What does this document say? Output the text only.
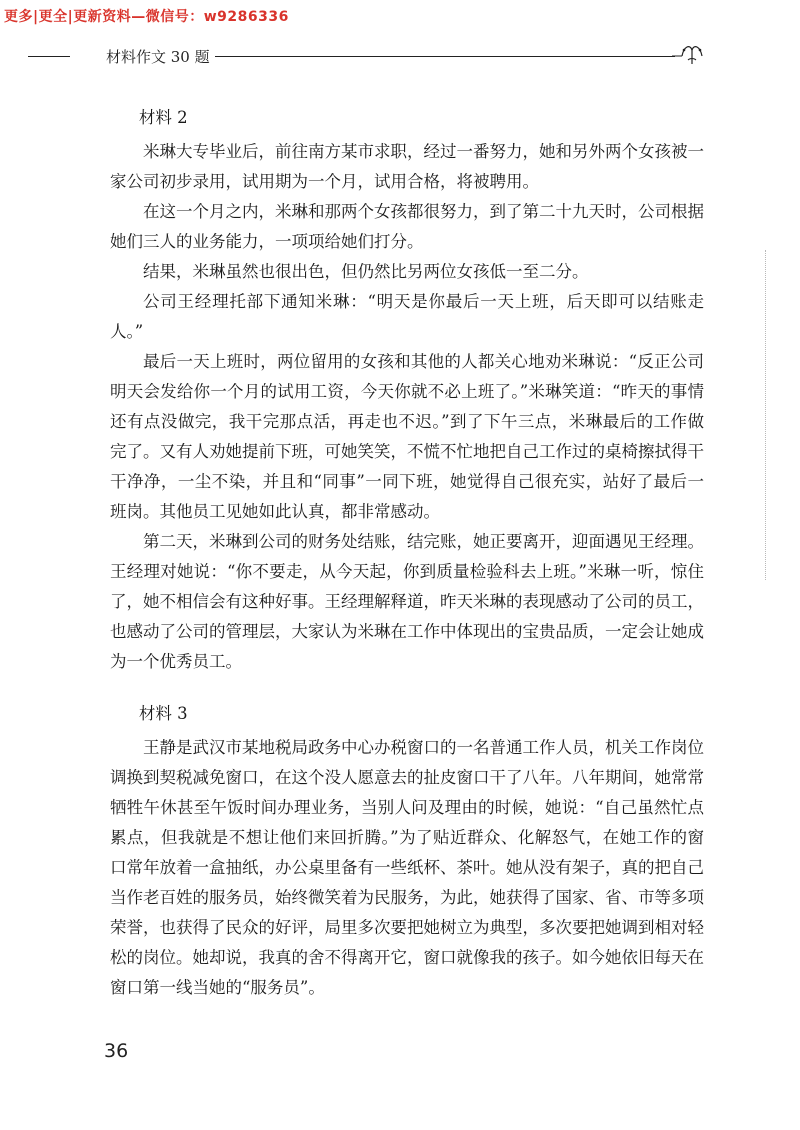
更多|更全|更新资料—微信号：w9286336
材料作文 30 题

材料 2

米琳大专毕业后，前往南方某市求职，经过一番努力，她和另外两个女孩被一家公司初步录用，试用期为一个月，试用合格，将被聘用。

在这一个月之内，米琳和那两个女孩都很努力，到了第二十九天时，公司根据她们三人的业务能力，一项项给她们打分。

结果，米琳虽然也很出色，但仍然比另两位女孩低一至二分。

公司王经理托部下通知米琳：“明天是你最后一天上班，后天即可以结账走人。”

最后一天上班时，两位留用的女孩和其他的人都关心地劝米琳说：“反正公司明天会发给你一个月的试用工资，今天你就不必上班了。”米琳笑道：“昨天的事情还有点没做完，我干完那点活，再走也不迟。”到了下午三点，米琳最后的工作做完了。又有人劝她提前下班，可她笑笑，不慌不忙地把自己工作过的桌椅擦拭得干干净净，一尘不染，并且和“同事”一同下班，她觉得自己很充实，站好了最后一班岗。其他员工见她如此认真，都非常感动。

第二天，米琳到公司的财务处结账，结完账，她正要离开，迎面遇见王经理。王经理对她说：“你不要走，从今天起，你到质量检验科去上班。”米琳一听，惊住了，她不相信会有这种好事。王经理解释道，昨天米琳的表现感动了公司的员工，也感动了公司的管理层，大家认为米琳在工作中体现出的宝贵品质，一定会让她成为一个优秀员工。

材料 3

王静是武汉市某地税局政务中心办税窗口的一名普通工作人员，机关工作岗位调换到契税减免窗口，在这个没人愿意去的扯皮窗口干了八年。八年期间，她常常牺牲午休甚至午饭时间办理业务，当别人问及理由的时候，她说：“自己虽然忙点累点，但我就是不想让他们来回折腾。”为了贴近群众、化解怒气，在她工作的窗口常年放着一盒抽纸，办公桌里备有一些纸杯、茶叶。她从没有架子，真的把自己当作老百姓的服务员，始终微笑着为民服务，为此，她获得了国家、省、市等多项荣誉，也获得了民众的好评，局里多次要把她树立为典型，多次要把她调到相对轻松的岗位。她却说，我真的舍不得离开它，窗口就像我的孩子。如今她依旧每天在窗口第一线当她的“服务员”。

36
